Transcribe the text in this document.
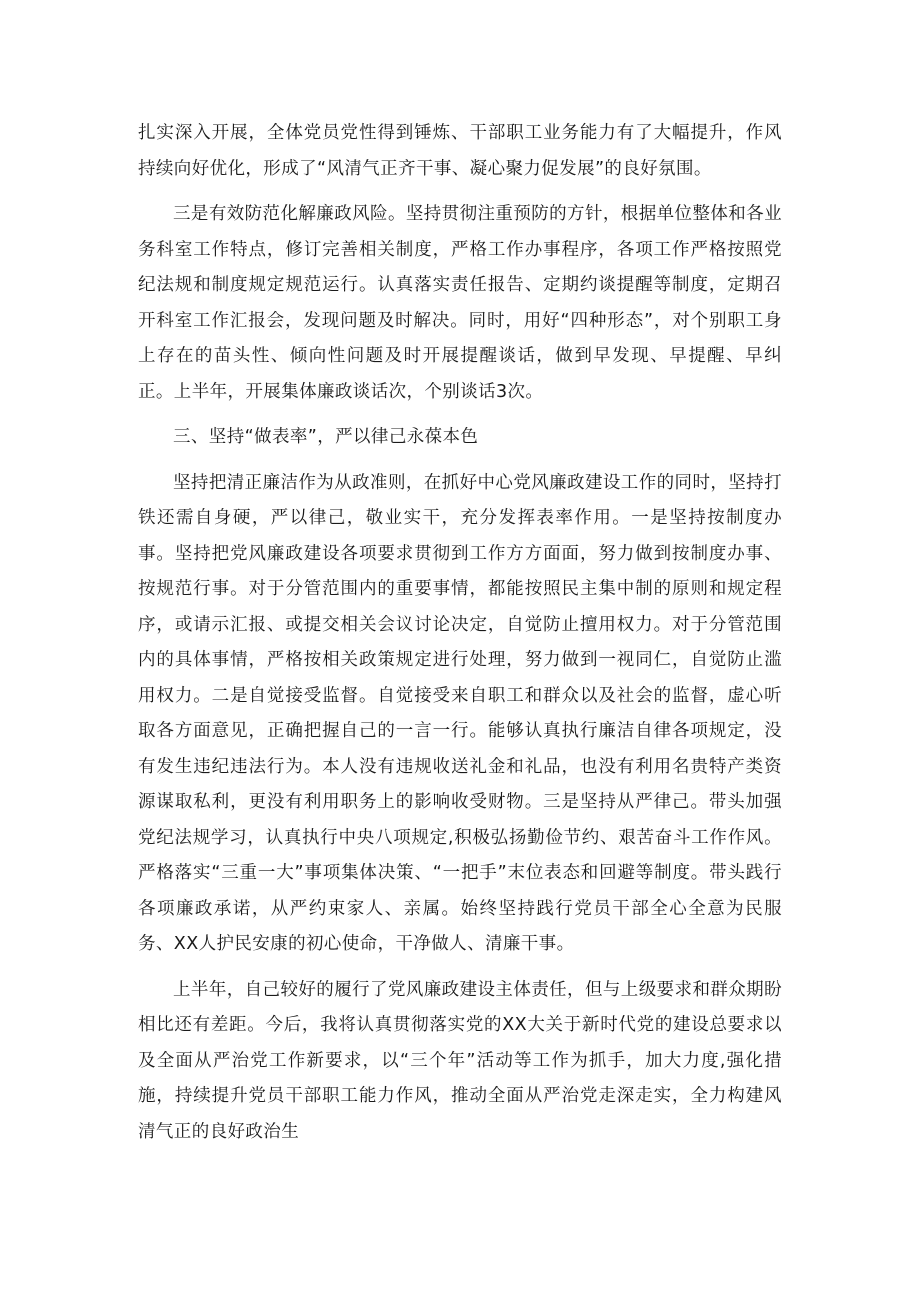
扎实深入开展，全体党员党性得到锤炼、干部职工业务能力有了大幅提升，作风持续向好优化，形成了“风清气正齐干事、凝心聚力促发展”的良好氛围。

三是有效防范化解廉政风险。坚持贯彻注重预防的方针，根据单位整体和各业务科室工作特点，修订完善相关制度，严格工作办事程序，各项工作严格按照党纪法规和制度规定规范运行。认真落实责任报告、定期约谈提醒等制度，定期召开科室工作汇报会，发现问题及时解决。同时，用好“四种形态”，对个别职工身上存在的苗头性、倾向性问题及时开展提醒谈话，做到早发现、早提醒、早纠正。上半年，开展集体廉政谈话次，个别谈话3次。

三、坚持“做表率”，严以律己永葆本色

坚持把清正廉洁作为从政准则，在抓好中心党风廉政建设工作的同时，坚持打铁还需自身硬，严以律己，敬业实干，充分发挥表率作用。一是坚持按制度办事。坚持把党风廉政建设各项要求贯彻到工作方方面面，努力做到按制度办事、按规范行事。对于分管范围内的重要事情，都能按照民主集中制的原则和规定程序，或请示汇报、或提交相关会议讨论决定，自觉防止擅用权力。对于分管范围内的具体事情，严格按相关政策规定进行处理，努力做到一视同仁，自觉防止滥用权力。二是自觉接受监督。自觉接受来自职工和群众以及社会的监督，虚心听取各方面意见，正确把握自己的一言一行。能够认真执行廉洁自律各项规定，没有发生违纪违法行为。本人没有违规收送礼金和礼品，也没有利用名贵特产类资源谋取私利，更没有利用职务上的影响收受财物。三是坚持从严律己。带头加强党纪法规学习，认真执行中央八项规定,积极弘扬勤俭节约、艰苦奋斗工作作风。严格落实“三重一大”事项集体决策、“一把手”末位表态和回避等制度。带头践行各项廉政承诺，从严约束家人、亲属。始终坚持践行党员干部全心全意为民服务、XX人护民安康的初心使命，干净做人、清廉干事。

上半年，自己较好的履行了党风廉政建设主体责任，但与上级要求和群众期盼相比还有差距。今后，我将认真贯彻落实党的XX大关于新时代党的建设总要求以及全面从严治党工作新要求，以“三个年”活动等工作为抓手，加大力度,强化措施，持续提升党员干部职工能力作风，推动全面从严治党走深走实，全力构建风清气正的良好政治生
